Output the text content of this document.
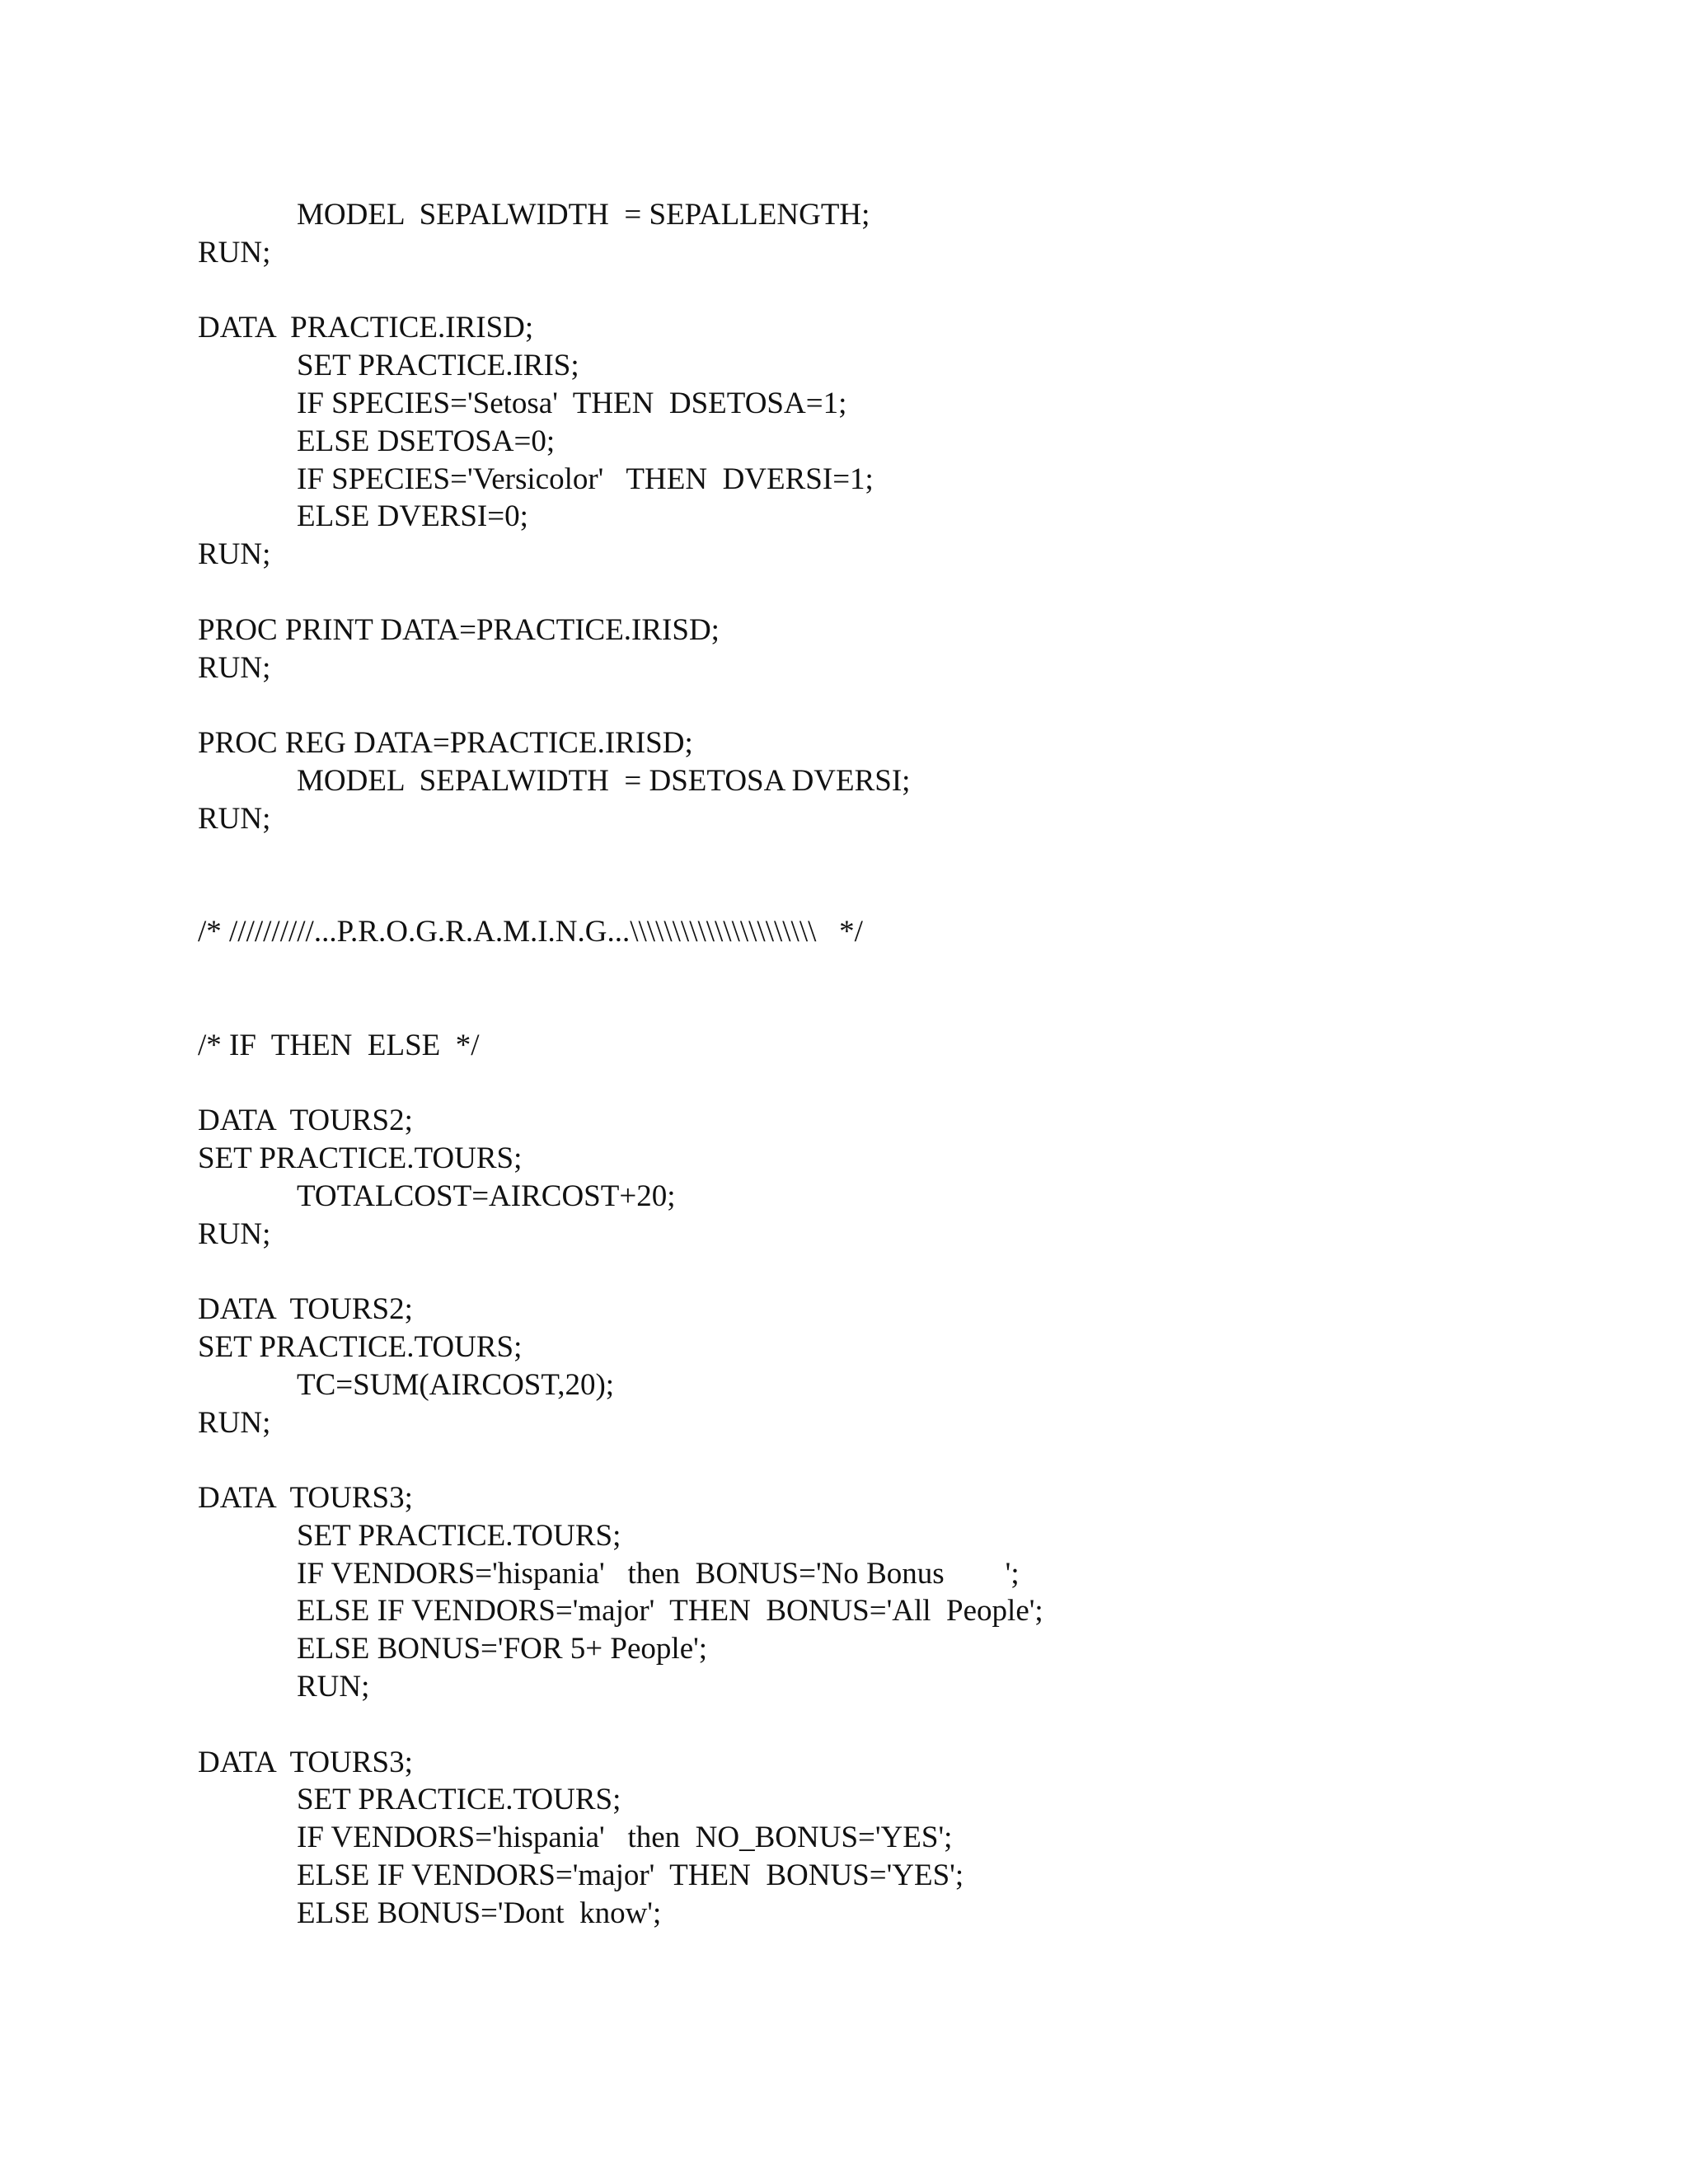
MODEL  SEPALWIDTH  = SEPALLENGTH;
RUN;
DATA  PRACTICE.IRISD;
SET PRACTICE.IRIS;
IF SPECIES='Setosa'  THEN  DSETOSA=1;
ELSE DSETOSA=0;
IF SPECIES='Versicolor'   THEN  DVERSI=1;
ELSE DVERSI=0;
RUN;
PROC PRINT DATA=PRACTICE.IRISD;
RUN;
PROC REG DATA=PRACTICE.IRISD;
MODEL  SEPALWIDTH  = DSETOSA DVERSI;
RUN;
/* //////////...P.R.O.G.R.A.M.I.N.G...\\\\\\\\\\\\\\\\\\\\\\   */
/* IF  THEN  ELSE  */
DATA  TOURS2;
SET PRACTICE.TOURS;
TOTALCOST=AIRCOST+20;
RUN;
DATA  TOURS2;
SET PRACTICE.TOURS;
TC=SUM(AIRCOST,20);
RUN;
DATA  TOURS3;
SET PRACTICE.TOURS;
IF VENDORS='hispania'   then  BONUS='No Bonus        ';
ELSE IF VENDORS='major'  THEN  BONUS='All  People';
ELSE BONUS='FOR 5+ People';
RUN;
DATA  TOURS3;
SET PRACTICE.TOURS;
IF VENDORS='hispania'   then  NO_BONUS='YES';
ELSE IF VENDORS='major'  THEN  BONUS='YES';
ELSE BONUS='Dont  know';
